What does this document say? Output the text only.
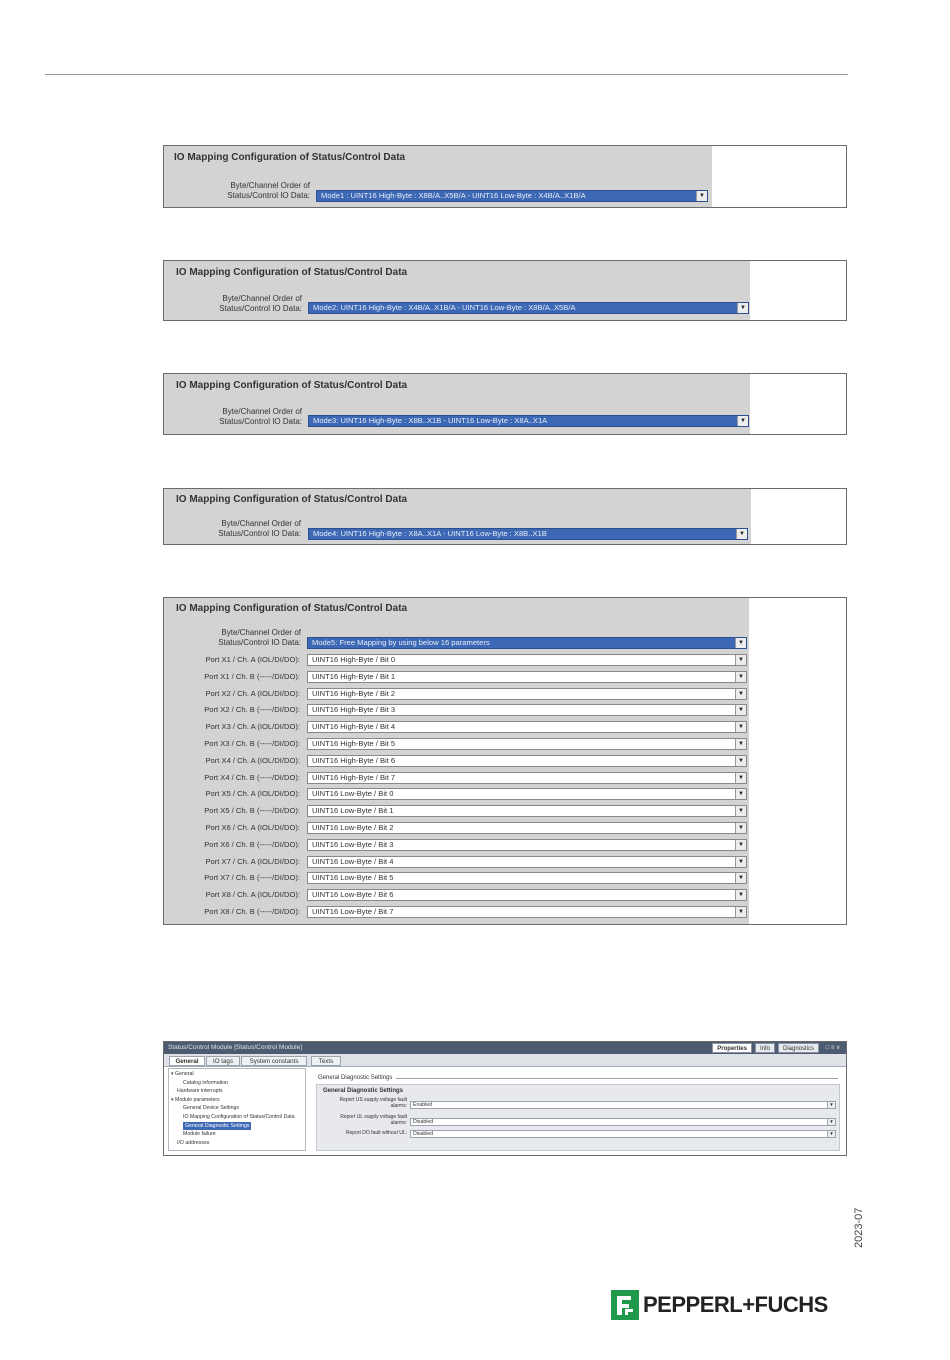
IO Mapping Configuration of Status/Control Data
Byte/Channel Order of
Status/Control IO Data:	Mode1 : UINT16 High-Byte : X8B/A..X5B/A - UINT16 Low-Byte : X4B/A..X1B/A	▼
IO Mapping Configuration of Status/Control Data
Byte/Channel Order of
Status/Control IO Data:	Mode2: UINT16 High-Byte : X4B/A..X1B/A - UINT16 Low-Byte : X8B/A..X5B/A	▼
IO Mapping Configuration of Status/Control Data
Byte/Channel Order of
Status/Control IO Data:	Mode3: UINT16 High-Byte : X8B..X1B - UINT16 Low-Byte : X8A..X1A	▼
IO Mapping Configuration of Status/Control Data
Byte/Channel Order of
Status/Control IO Data:	Mode4: UINT16 High-Byte : X8A..X1A - UINT16 Low-Byte : X8B..X1B	▼
IO Mapping Configuration of Status/Control Data
Byte/Channel Order of
Status/Control IO Data:	Mode5: Free Mapping by using below 16 parameters	▼
Port X1 / Ch. A (IOL/DI/DO):	UINT16 High-Byte / Bit 0	▼
Port X1 / Ch. B (-----/DI/DO):	UINT16 High-Byte / Bit 1	▼
Port X2 / Ch. A (IOL/DI/DO):	UINT16 High-Byte / Bit 2	▼
Port X2 / Ch. B (-----/DI/DO):	UINT16 High-Byte / Bit 3	▼
Port X3 / Ch. A (IOL/DI/DO):	UINT16 High-Byte / Bit 4	▼
Port X3 / Ch. B (-----/DI/DO):	UINT16 High-Byte / Bit 5	▼
Port X4 / Ch. A (IOL/DI/DO):	UINT16 High-Byte / Bit 6	▼
Port X4 / Ch. B (-----/DI/DO):	UINT16 High-Byte / Bit 7	▼
Port X5 / Ch. A (IOL/DI/DO):	UINT16 Low-Byte / Bit 0	▼
Port X5 / Ch. B (-----/DI/DO):	UINT16 Low-Byte / Bit 1	▼
Port X6 / Ch. A (IOL/DI/DO):	UINT16 Low-Byte / Bit 2	▼
Port X6 / Ch. B (-----/DI/DO):	UINT16 Low-Byte / Bit 3	▼
Port X7 / Ch. A (IOL/DI/DO):	UINT16 Low-Byte / Bit 4	▼
Port X7 / Ch. B (-----/DI/DO):	UINT16 Low-Byte / Bit 5	▼
Port X8 / Ch. A (IOL/DI/DO):	UINT16 Low-Byte / Bit 6	▼
Port X8 / Ch. B (-----/DI/DO):	UINT16 Low-Byte / Bit 7	▼
Status/Control Module [Status/Control Module]	Properties	Info	Diagnostics	□ ≡ ∨
General	IO tags	System constants	Texts
▾ General
Catalog information
Hardware interrupts
▾ Module parameters
General Device Settings
IO Mapping Configuration of Status/Control Data
General Diagnostic Settings
Module failure
I/O addresses
General Diagnostic Settings
General Diagnostic Settings
Report US supply voltage fault
alarms:	Enabled	▼
Report UL supply voltage fault
alarms:	Disabled	▼
Report DO fault without UL:	Disabled	▼
2023-07
PEPPERL+FUCHS
